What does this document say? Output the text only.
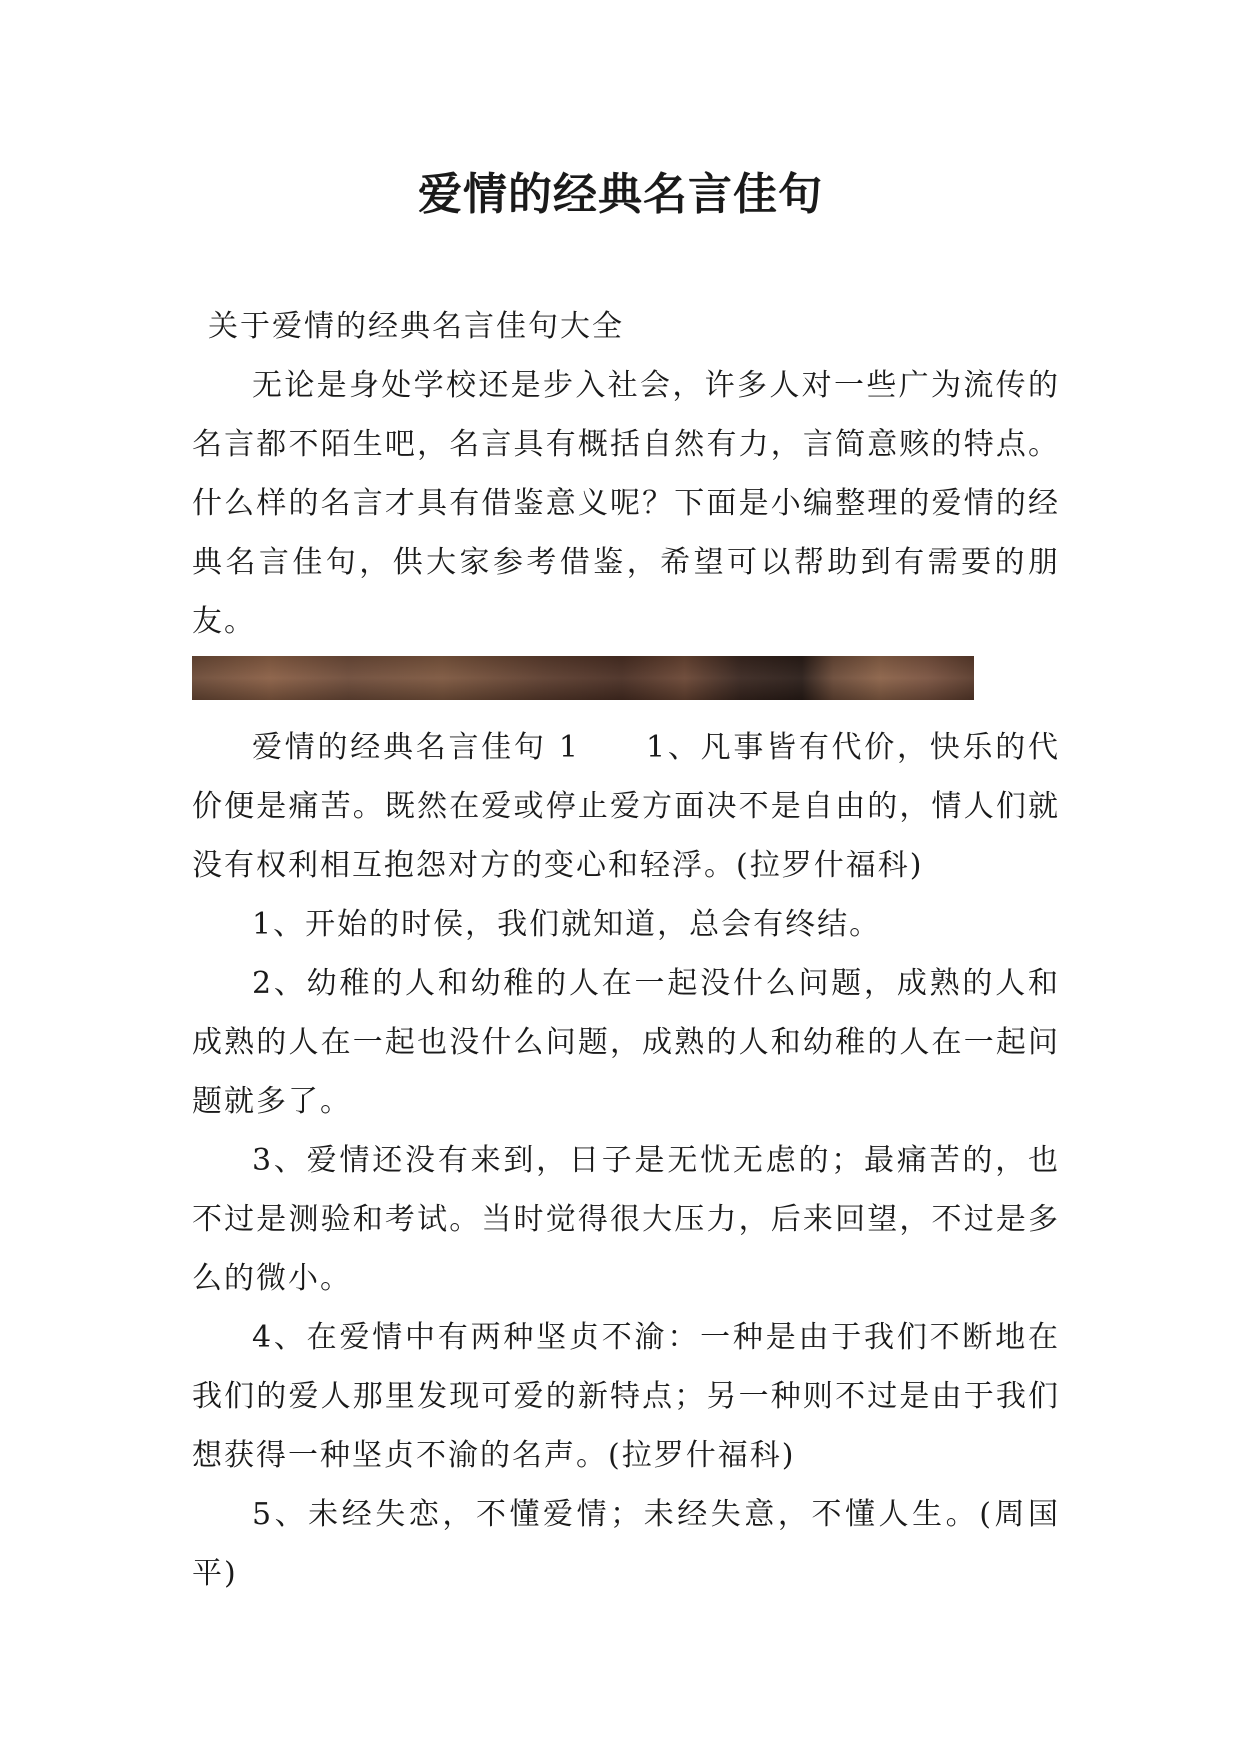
爱情的经典名言佳句

关于爱情的经典名言佳句大全

无论是身处学校还是步入社会，许多人对一些广为流传的名言都不陌生吧，名言具有概括自然有力，言简意赅的特点。什么样的名言才具有借鉴意义呢？下面是小编整理的爱情的经典名言佳句，供大家参考借鉴，希望可以帮助到有需要的朋友。

爱情的经典名言佳句 1 1、凡事皆有代价，快乐的代价便是痛苦。既然在爱或停止爱方面决不是自由的，情人们就没有权利相互抱怨对方的变心和轻浮。(拉罗什福科)

1、开始的时侯，我们就知道，总会有终结。

2、幼稚的人和幼稚的人在一起没什么问题，成熟的人和成熟的人在一起也没什么问题，成熟的人和幼稚的人在一起问题就多了。

3、爱情还没有来到，日子是无忧无虑的；最痛苦的，也不过是测验和考试。当时觉得很大压力，后来回望，不过是多么的微小。

4、在爱情中有两种坚贞不渝：一种是由于我们不断地在我们的爱人那里发现可爱的新特点；另一种则不过是由于我们想获得一种坚贞不渝的名声。(拉罗什福科)

5、未经失恋，不懂爱情；未经失意，不懂人生。(周国平)
